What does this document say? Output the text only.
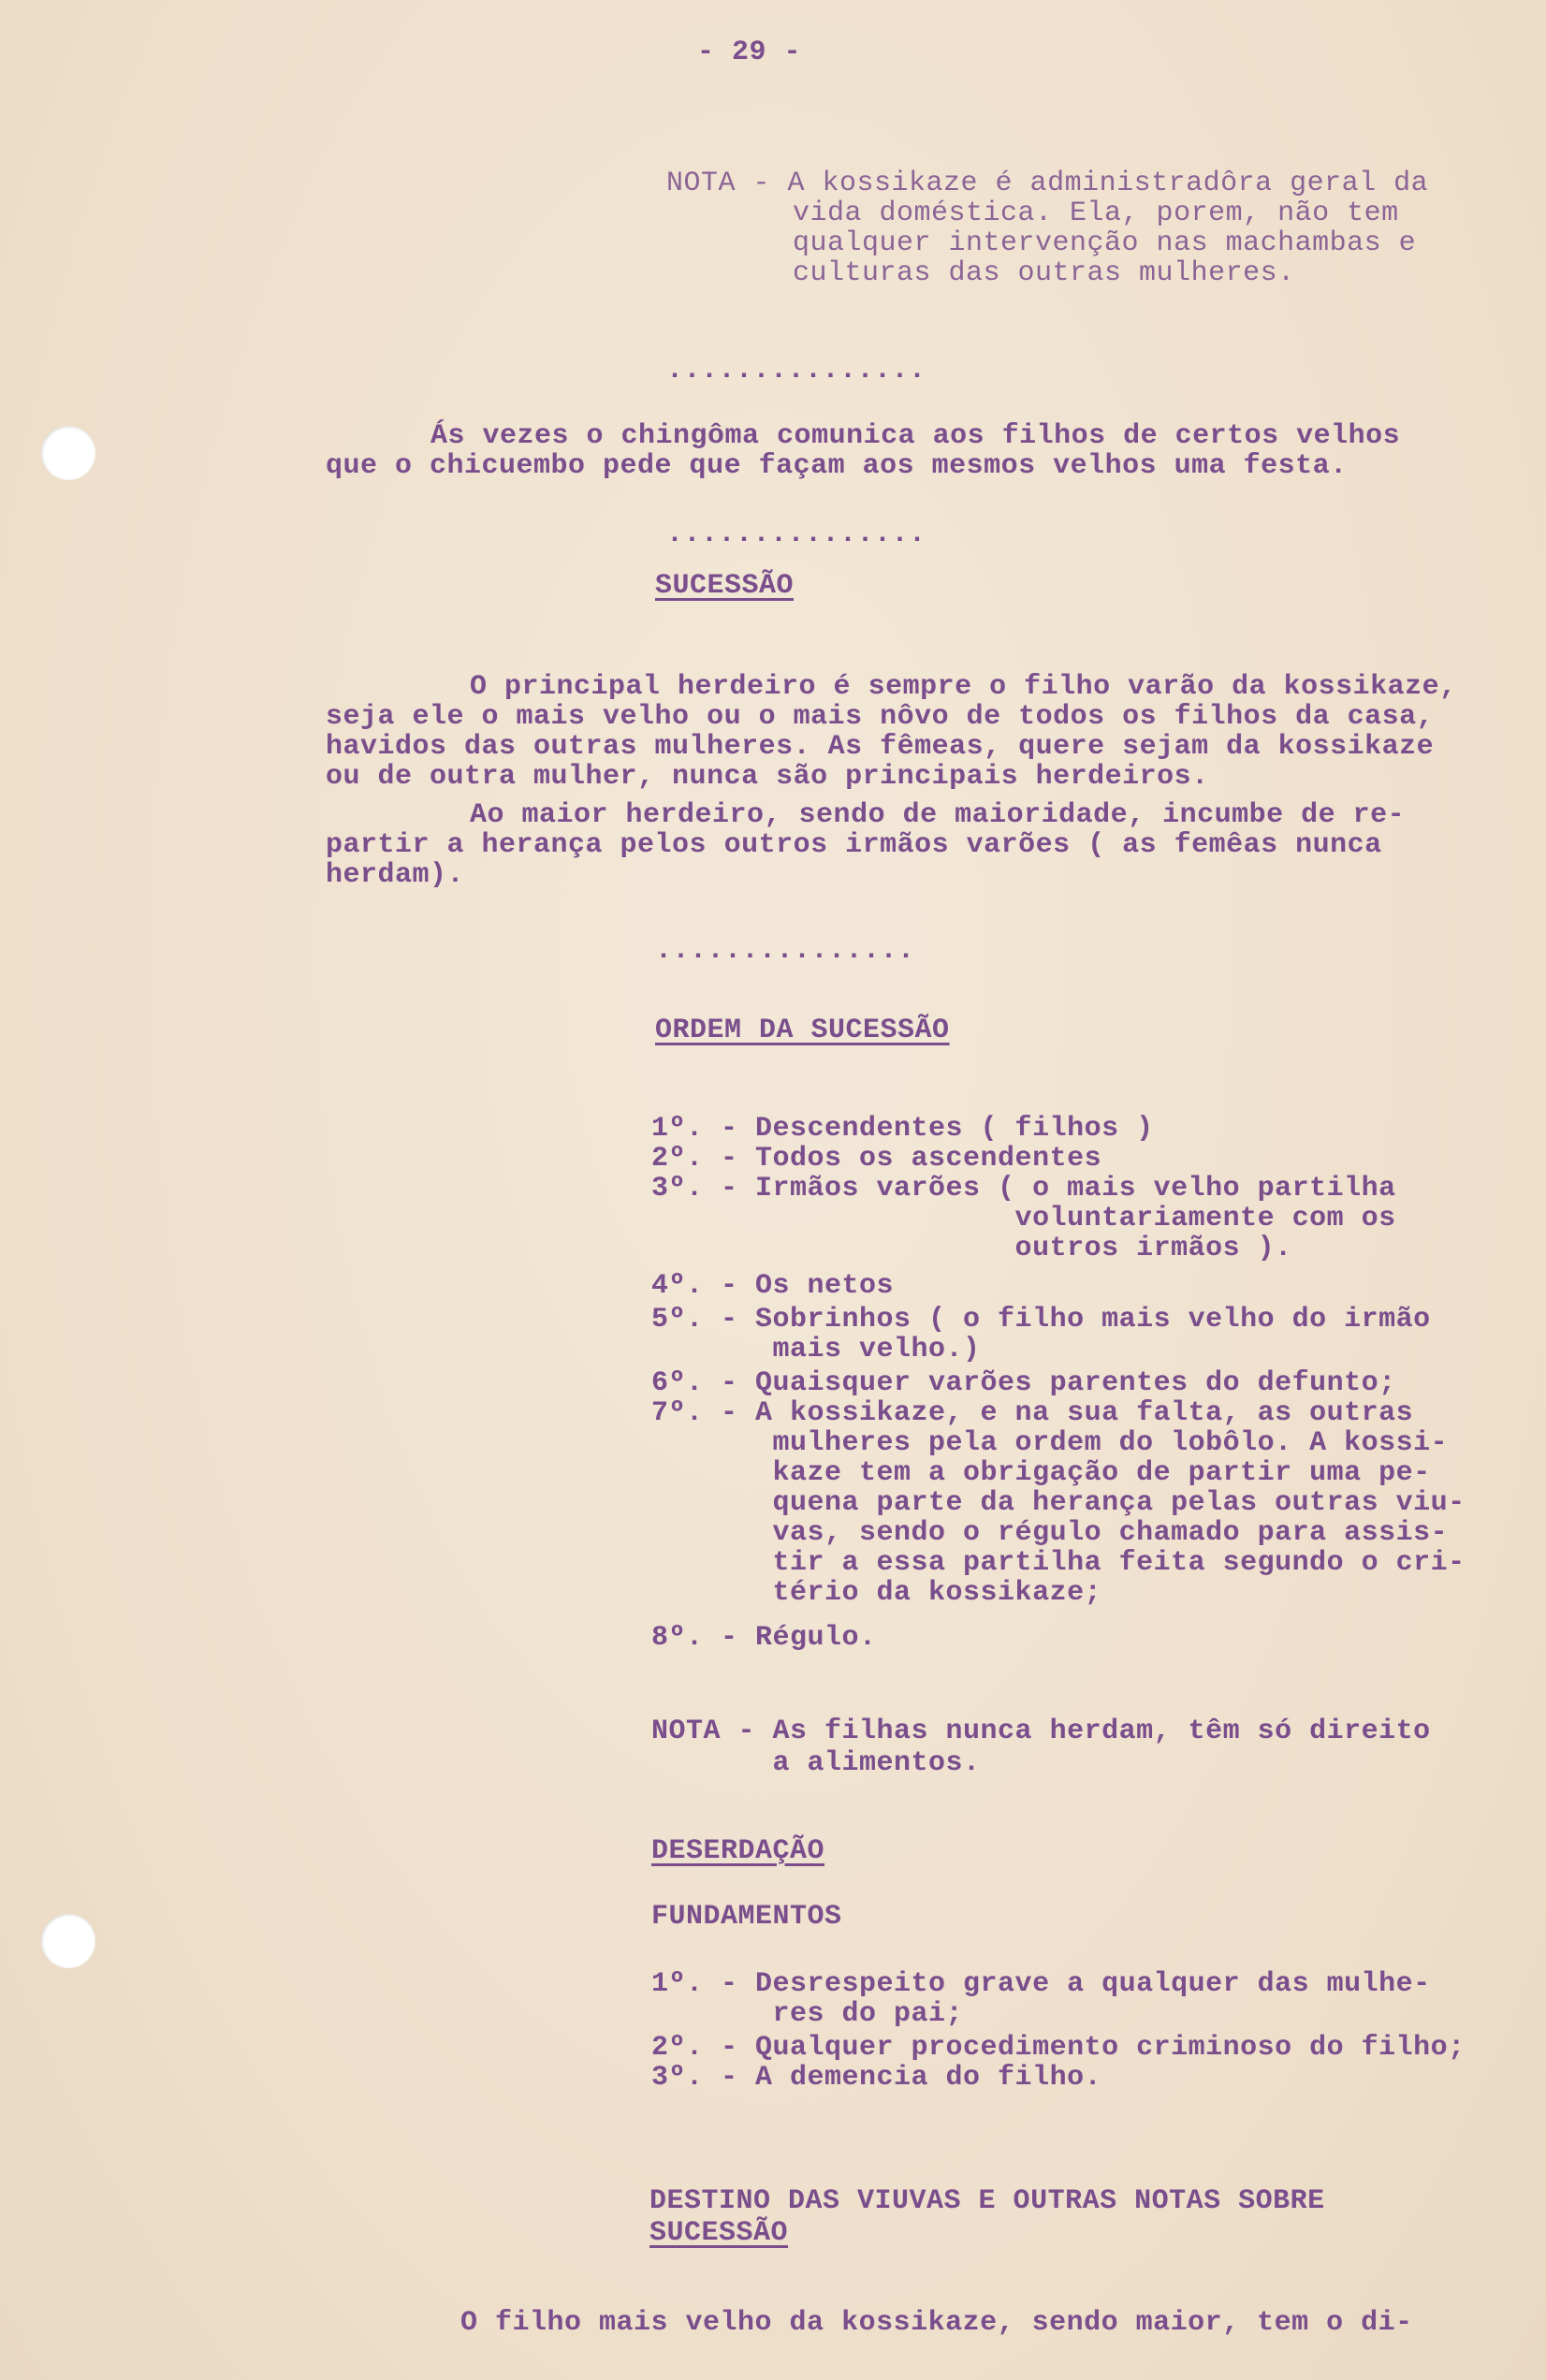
- 29 -
NOTA - A kossikaze é administradôra geral da
vida doméstica. Ela, porem, não tem
qualquer intervenção nas machambas e
culturas das outras mulheres.
...............
Ás vezes o chingôma comunica aos filhos de certos velhos
que o chicuembo pede que façam aos mesmos velhos uma festa.
...............
SUCESSÃO
O principal herdeiro é sempre o filho varão da kossikaze,
seja ele o mais velho ou o mais nôvo de todos os filhos da casa,
havidos das outras mulheres. As fêmeas, quere sejam da kossikaze
ou de outra mulher, nunca são principais herdeiros.
Ao maior herdeiro, sendo de maioridade, incumbe de re-
partir a herança pelos outros irmãos varões ( as femêas nunca
herdam).
...............
ORDEM DA SUCESSÃO
1º. - Descendentes ( filhos )
2º. - Todos os ascendentes
3º. - Irmãos varões ( o mais velho partilha
voluntariamente com os
outros irmãos ).
4º. - Os netos
5º. - Sobrinhos ( o filho mais velho do irmão
mais velho.)
6º. - Quaisquer varões parentes do defunto;
7º. - A kossikaze, e na sua falta, as outras
mulheres pela ordem do lobôlo. A kossi-
kaze tem a obrigação de partir uma pe-
quena parte da herança pelas outras viu-
vas, sendo o régulo chamado para assis-
tir a essa partilha feita segundo o cri-
tério da kossikaze;
8º. - Régulo.
NOTA - As filhas nunca herdam, têm só direito
a alimentos.
DESERDAÇÃO
FUNDAMENTOS
1º. - Desrespeito grave a qualquer das mulhe-
res do pai;
2º. - Qualquer procedimento criminoso do filho;
3º. - A demencia do filho.
DESTINO DAS VIUVAS E OUTRAS NOTAS SOBRE
SUCESSÃO
O filho mais velho da kossikaze, sendo maior, tem o di-
